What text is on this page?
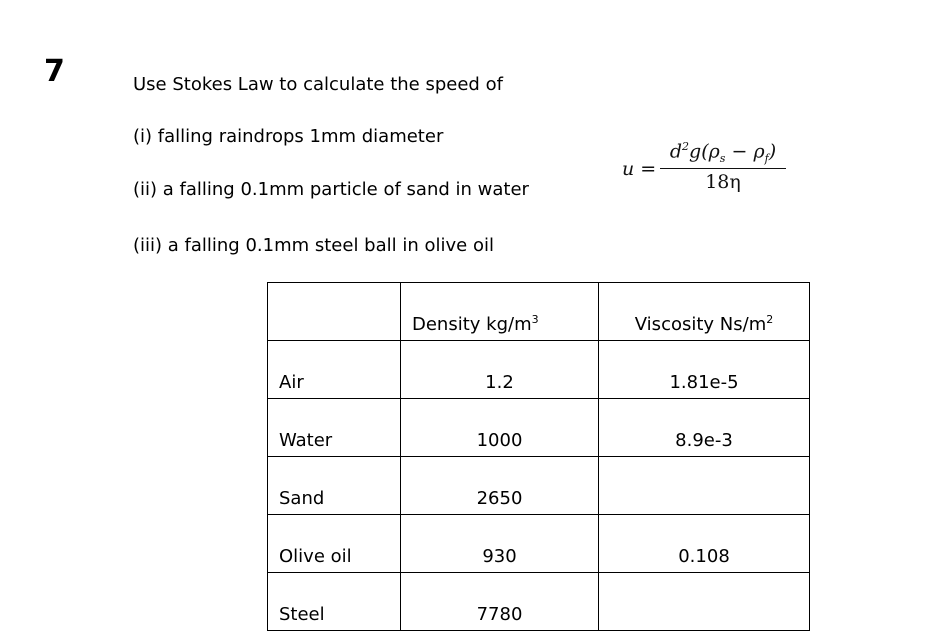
7	Use Stokes Law to calculate the speed of
(i) falling raindrops 1mm diameter
(ii) a falling 0.1mm particle of sand in water
(iii) a falling 0.1mm steel ball in olive oil
u =
$d^2g(\rho_s - \rho_f)$
18η
	Density $kg/m^3$	Viscosity $Ns/m^2$
Air	1.2	1.81e-5
Water	1000	8.9e-3
Sand	2650	
Olive oil	930	0.108
Steel	7780	
